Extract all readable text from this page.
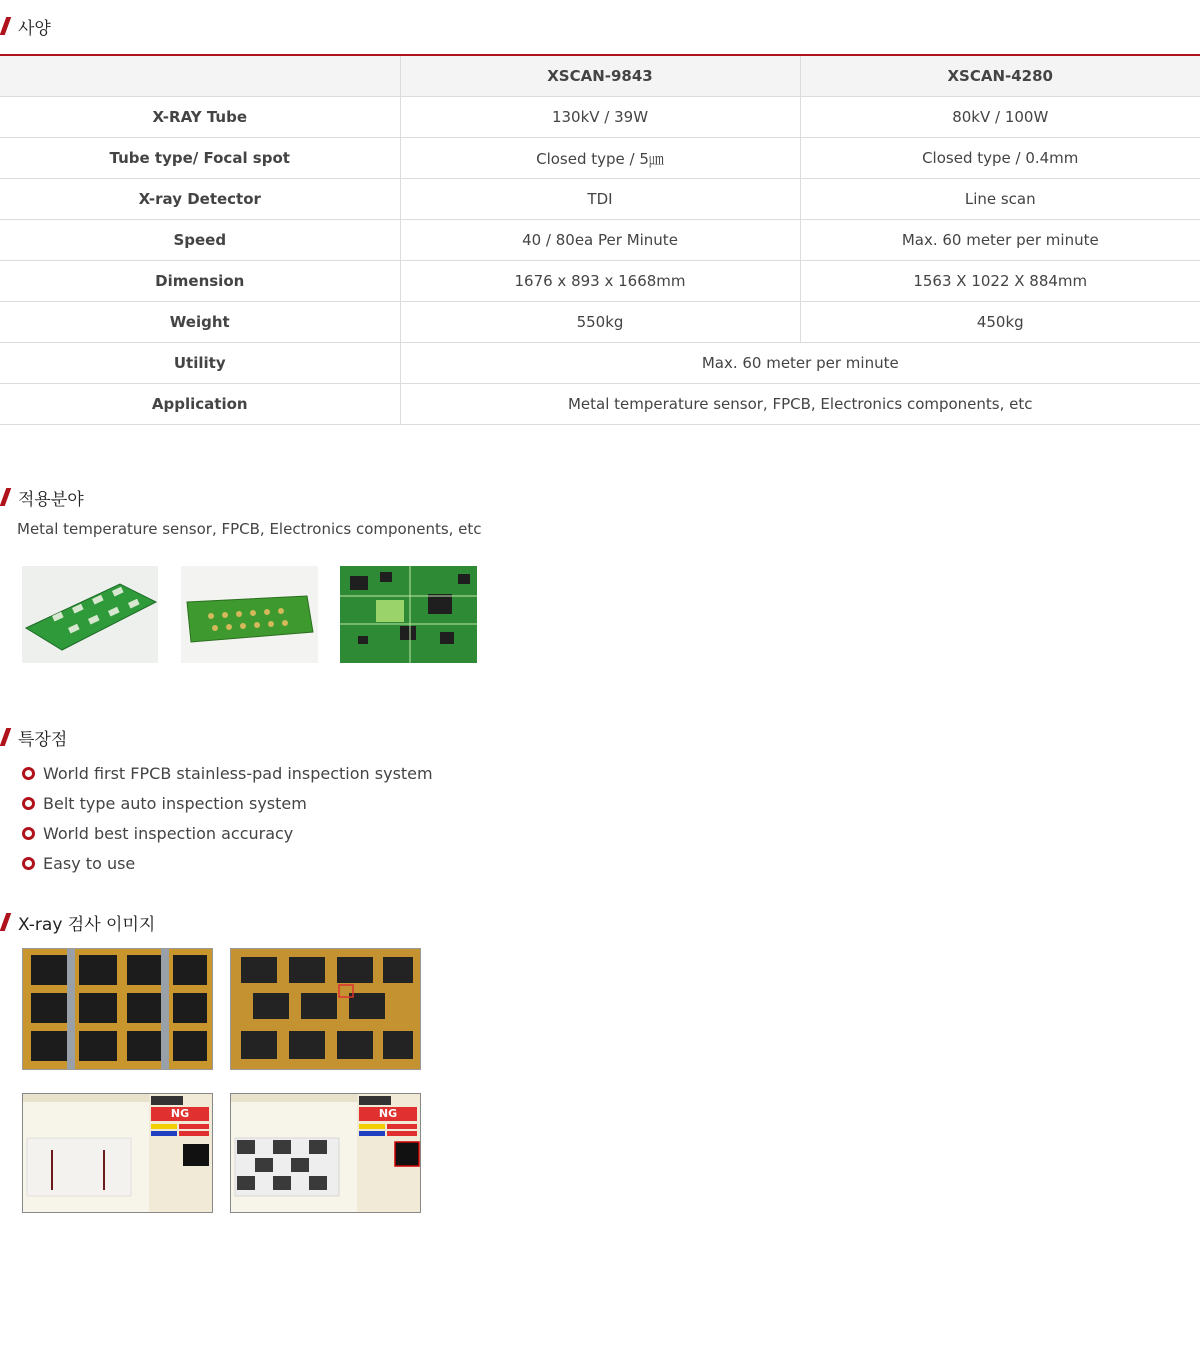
사양
	XSCAN-9843	XSCAN-4280
X-RAY Tube	130kV / 39W	80kV / 100W
Tube type/ Focal spot	Closed type / 5㎛	Closed type / 0.4mm
X-ray Detector	TDI	Line scan
Speed	40 / 80ea Per Minute	Max. 60 meter per minute
Dimension	1676 x 893 x 1668mm	1563 X 1022 X 884mm
Weight	550kg	450kg
Utility	Max. 60 meter per minute	
Application	Metal temperature sensor, FPCB, Electronics components, etc	
적용분야
Metal temperature sensor, FPCB, Electronics components, etc
특장점
World first FPCB stainless-pad inspection system
Belt type auto inspection system
World best inspection accuracy
Easy to use
X-ray 검사 이미지
NG	NG
